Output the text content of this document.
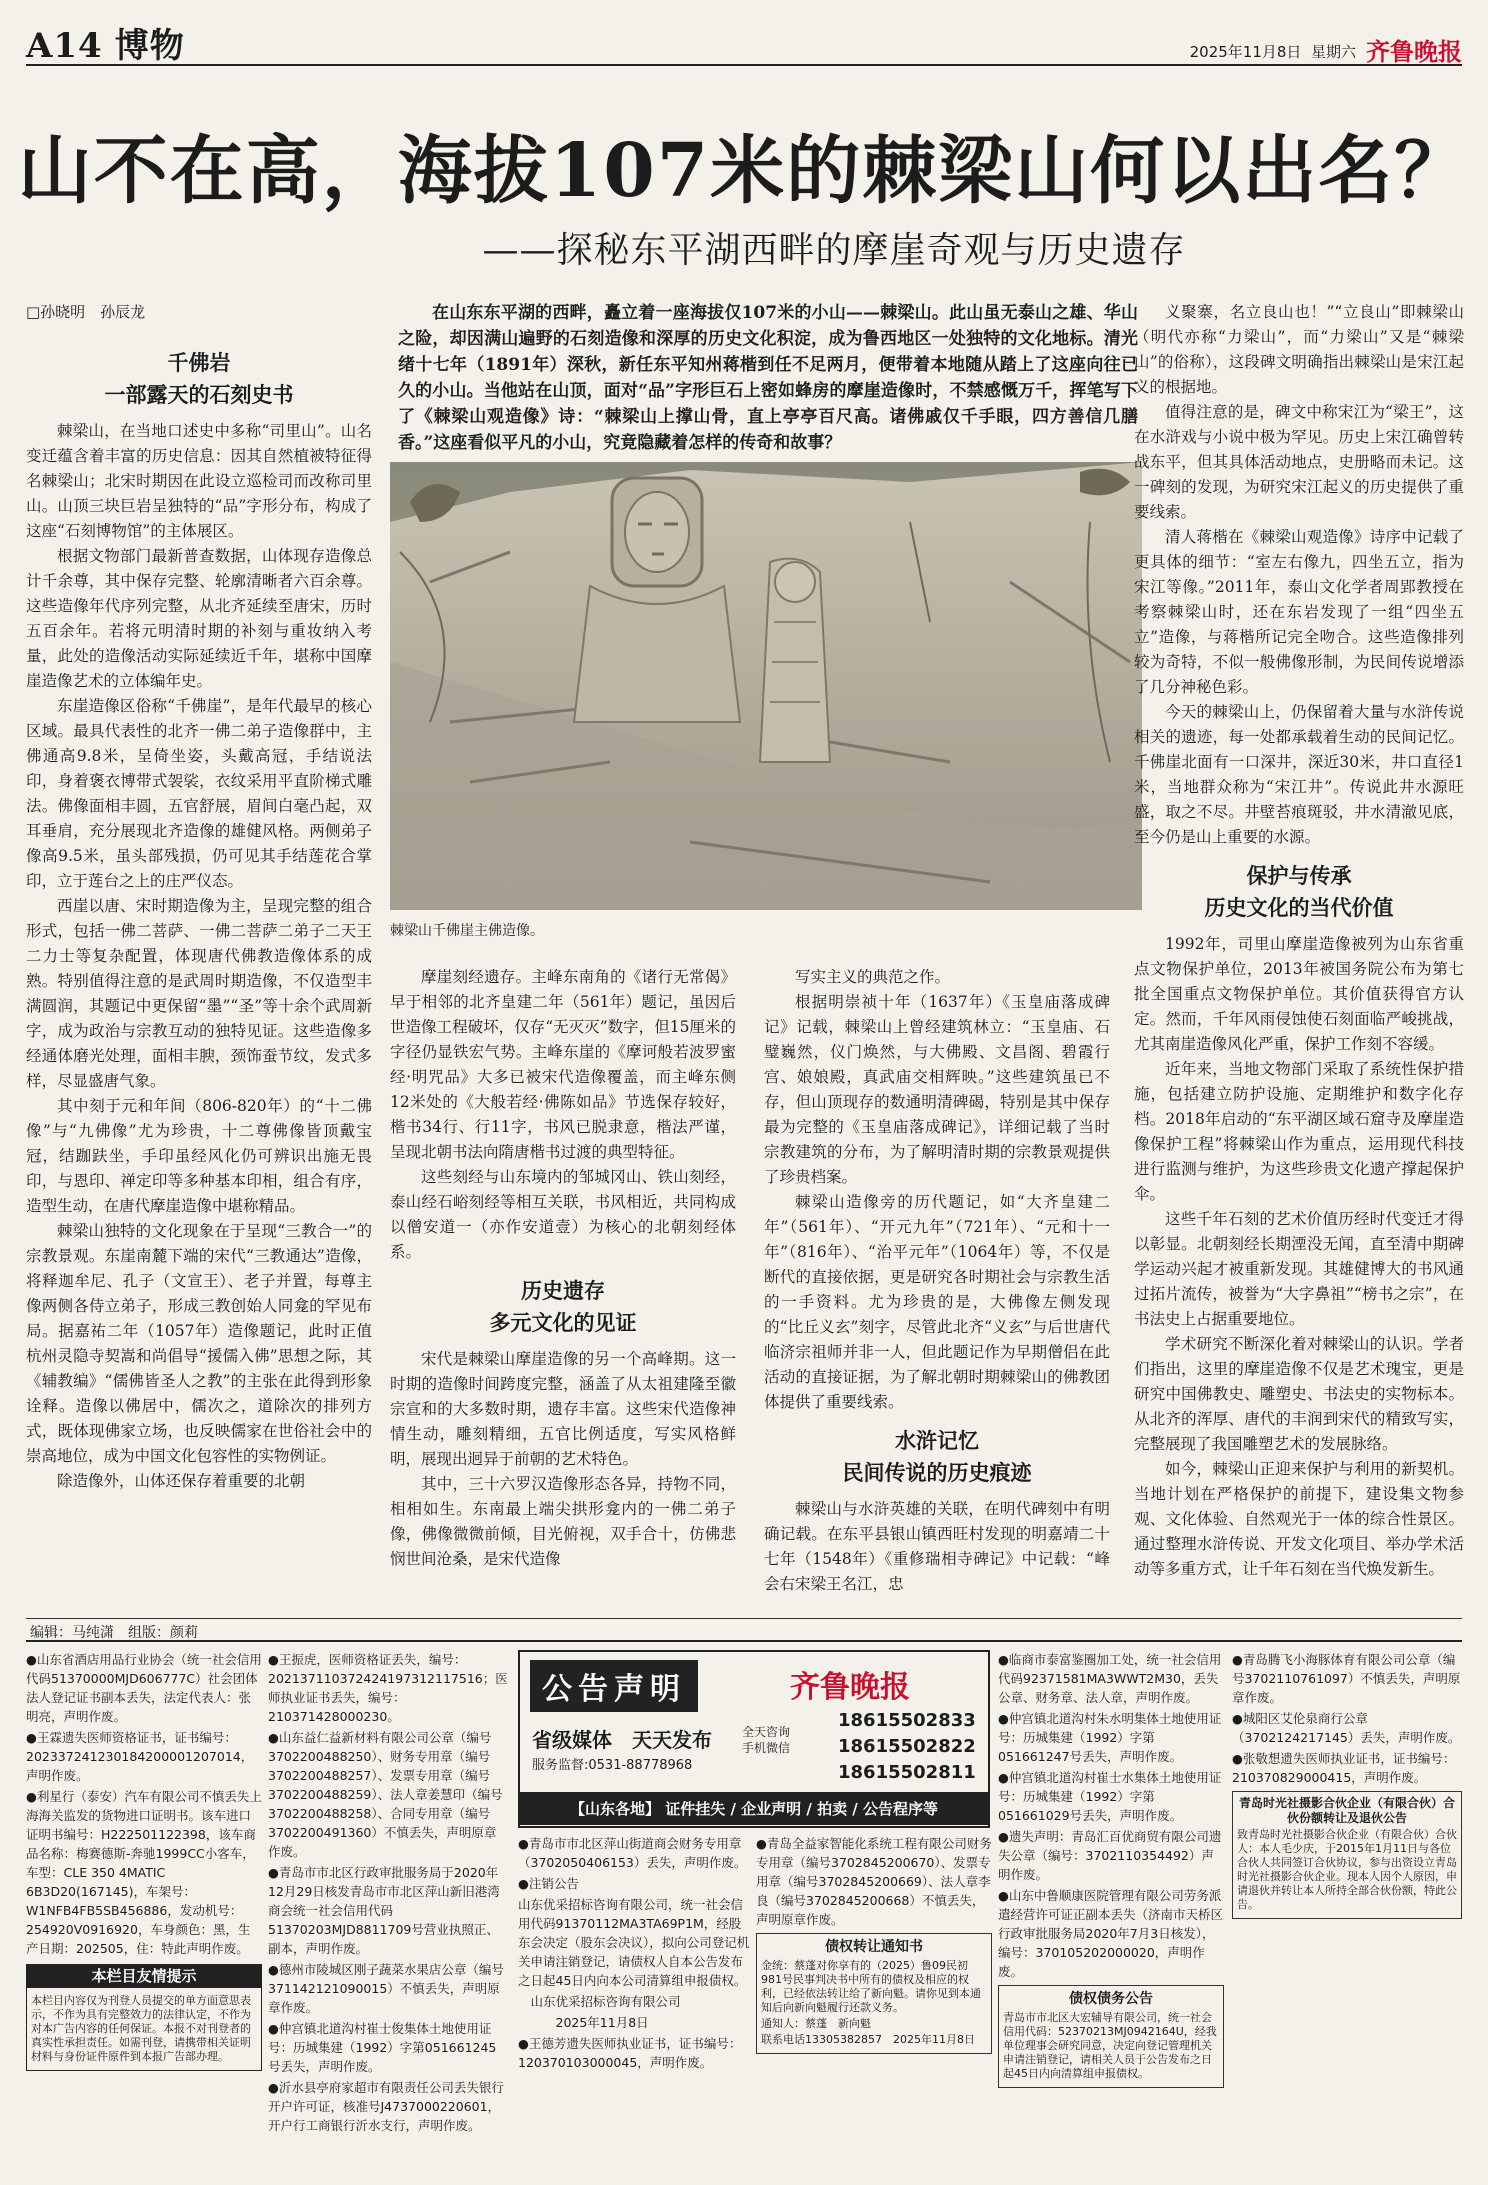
A14 博物	2025年11月8日 星期六 齐鲁晚报
山不在高，海拔107米的棘梁山何以出名？
——探秘东平湖西畔的摩崖奇观与历史遗存
□孙晓明　孙辰龙
千佛岩
一部露天的石刻史书

棘梁山，在当地口述史中多称“司里山”。山名变迁蕴含着丰富的历史信息：因其自然植被特征得名棘梁山；北宋时期因在此设立巡检司而改称司里山。山顶三块巨岩呈独特的“品”字形分布，构成了这座“石刻博物馆”的主体展区。

根据文物部门最新普查数据，山体现存造像总计千余尊，其中保存完整、轮廓清晰者六百余尊。这些造像年代序列完整，从北齐延续至唐宋，历时五百余年。若将元明清时期的补刻与重妆纳入考量，此处的造像活动实际延续近千年，堪称中国摩崖造像艺术的立体编年史。

东崖造像区俗称“千佛崖”，是年代最早的核心区域。最具代表性的北齐一佛二弟子造像群中，主佛通高9.8米，呈倚坐姿，头戴高冠，手结说法印，身着褒衣博带式袈裟，衣纹采用平直阶梯式雕法。佛像面相丰圆，五官舒展，眉间白毫凸起，双耳垂肩，充分展现北齐造像的雄健风格。两侧弟子像高9.5米，虽头部残损，仍可见其手结莲花合掌印，立于莲台之上的庄严仪态。

西崖以唐、宋时期造像为主，呈现完整的组合形式，包括一佛二菩萨、一佛二菩萨二弟子二天王二力士等复杂配置，体现唐代佛教造像体系的成熟。特别值得注意的是武周时期造像，不仅造型丰满圆润，其题记中更保留“墨”“圣”等十余个武周新字，成为政治与宗教互动的独特见证。这些造像多经通体磨光处理，面相丰腴，颈饰蚕节纹，发式多样，尽显盛唐气象。

其中刻于元和年间（806-820年）的“十二佛像”与“九佛像”尤为珍贵，十二尊佛像皆顶戴宝冠，结跏趺坐，手印虽经风化仍可辨识出施无畏印，与恩印、禅定印等多种基本印相，组合有序，造型生动，在唐代摩崖造像中堪称精品。

棘梁山独特的文化现象在于呈现“三教合一”的宗教景观。东崖南麓下端的宋代“三教通达”造像，将释迦牟尼、孔子（文宣王）、老子并置，每尊主像两侧各侍立弟子，形成三教创始人同龛的罕见布局。据嘉祐二年（1057年）造像题记，此时正值杭州灵隐寺契嵩和尚倡导“援儒入佛”思想之际，其《辅教编》“儒佛皆圣人之教”的主张在此得到形象诠释。造像以佛居中，儒次之，道除次的排列方式，既体现佛家立场，也反映儒家在世俗社会中的崇高地位，成为中国文化包容性的实物例证。

除造像外，山体还保存着重要的北朝

在山东东平湖的西畔，矗立着一座海拔仅107米的小山——棘梁山。此山虽无泰山之雄、华山之险，却因满山遍野的石刻造像和深厚的历史文化积淀，成为鲁西地区一处独特的文化地标。清光绪十七年（1891年）深秋，新任东平知州蒋楷到任不足两月，便带着本地随从踏上了这座向往已久的小山。当他站在山顶，面对“品”字形巨石上密如蜂房的摩崖造像时，不禁感慨万千，挥笔写下了《棘梁山观造像》诗：“棘梁山上撑山骨，直上亭亭百尺高。诸佛戚仅千手眼，四方善信几膳香。”这座看似平凡的小山，究竟隐藏着怎样的传奇和故事？
棘梁山千佛崖主佛造像。

摩崖刻经遗存。主峰东南角的《诸行无常偈》早于相邻的北齐皇建二年（561年）题记，虽因后世造像工程破坏，仅存“无灭灭”数字，但15厘米的字径仍显铁宏气势。主峰东崖的《摩诃般若波罗蜜经·明咒品》大多已被宋代造像覆盖，而主峰东侧12米处的《大般若经·佛陈如品》节选保存较好，楷书34行、行11字，书风已脱隶意，楷法严谨，呈现北朝书法向隋唐楷书过渡的典型特征。

这些刻经与山东境内的邹城冈山、铁山刻经，泰山经石峪刻经等相互关联，书风相近，共同构成以僧安道一（亦作安道壹）为核心的北朝刻经体系。

历史遗存
多元文化的见证

宋代是棘梁山摩崖造像的另一个高峰期。这一时期的造像时间跨度完整，涵盖了从太祖建隆至徽宗宣和的大多数时期，遗存丰富。这些宋代造像神情生动，雕刻精细，五官比例适度，写实风格鲜明，展现出迥异于前朝的艺术特色。

其中，三十六罗汉造像形态各异，持物不同，相相如生。东南最上端尖拱形龛内的一佛二弟子像，佛像微微前倾，目光俯视，双手合十，仿佛悲悯世间沧桑，是宋代造像

写实主义的典范之作。

根据明崇祯十年（1637年）《玉皇庙落成碑记》记载，棘梁山上曾经建筑林立：“玉皇庙、石璧巍然，仪门焕然，与大佛殿、文昌阁、碧霞行宫、娘娘殿，真武庙交相辉映。”这些建筑虽已不存，但山顶现存的数通明清碑碣，特别是其中保存最为完整的《玉皇庙落成碑记》，详细记载了当时宗教建筑的分布，为了解明清时期的宗教景观提供了珍贵档案。

棘梁山造像旁的历代题记，如“大齐皇建二年”（561年）、“开元九年”（721年）、“元和十一年”（816年）、“治平元年”（1064年）等，不仅是断代的直接依据，更是研究各时期社会与宗教生活的一手资料。尤为珍贵的是，大佛像左侧发现的“比丘义玄”刻字，尽管此北齐“义玄”与后世唐代临济宗祖师并非一人，但此题记作为早期僧侣在此活动的直接证据，为了解北朝时期棘梁山的佛教团体提供了重要线索。

水浒记忆
民间传说的历史痕迹

棘梁山与水浒英雄的关联，在明代碑刻中有明确记载。在东平县银山镇西旺村发现的明嘉靖二十七年（1548年）《重修瑞相寺碑记》中记载：“峰会右宋梁王名江，忠

义聚寨，名立良山也！”“立良山”即棘梁山（明代亦称“力梁山”，而“力梁山”又是“棘梁山”的俗称），这段碑文明确指出棘梁山是宋江起义的根据地。

值得注意的是，碑文中称宋江为“梁王”，这在水浒戏与小说中极为罕见。历史上宋江确曾转战东平，但其具体活动地点，史册略而未记。这一碑刻的发现，为研究宋江起义的历史提供了重要线索。

清人蒋楷在《棘梁山观造像》诗序中记载了更具体的细节：“室左右像九，四坐五立，指为宋江等像。”2011年，泰山文化学者周郢教授在考察棘梁山时，还在东岩发现了一组“四坐五立”造像，与蒋楷所记完全吻合。这些造像排列较为奇特，不似一般佛像形制，为民间传说增添了几分神秘色彩。

今天的棘梁山上，仍保留着大量与水浒传说相关的遗迹，每一处都承载着生动的民间记忆。千佛崖北面有一口深井，深近30米，井口直径1米，当地群众称为“宋江井”。传说此井水源旺盛，取之不尽。井壁苔痕斑驳，井水清澈见底，至今仍是山上重要的水源。

保护与传承
历史文化的当代价值

1992年，司里山摩崖造像被列为山东省重点文物保护单位，2013年被国务院公布为第七批全国重点文物保护单位。其价值获得官方认定。然而，千年风雨侵蚀使石刻面临严峻挑战，尤其南崖造像风化严重，保护工作刻不容缓。

近年来，当地文物部门采取了系统性保护措施，包括建立防护设施、定期维护和数字化存档。2018年启动的“东平湖区域石窟寺及摩崖造像保护工程”将棘梁山作为重点，运用现代科技进行监测与维护，为这些珍贵文化遗产撑起保护伞。

这些千年石刻的艺术价值历经时代变迁才得以彰显。北朝刻经长期湮没无闻，直至清中期碑学运动兴起才被重新发现。其雄健博大的书风通过拓片流传，被誉为“大字鼻祖”“榜书之宗”，在书法史上占据重要地位。

学术研究不断深化着对棘梁山的认识。学者们指出，这里的摩崖造像不仅是艺术瑰宝，更是研究中国佛教史、雕塑史、书法史的实物标本。从北齐的浑厚、唐代的丰润到宋代的精致写实，完整展现了我国雕塑艺术的发展脉络。

如今，棘梁山正迎来保护与利用的新契机。当地计划在严格保护的前提下，建设集文物参观、文化体验、自然观光于一体的综合性景区。通过整理水浒传说、开发文化项目、举办学术活动等多重方式，让千年石刻在当代焕发新生。

编辑：马纯潇　组版：颜莉
●山东省酒店用品行业协会（统一社会信用代码51370000MJD606777C）社会团体法人登记证书副本丢失，法定代表人：张明亮，声明作废。
●王霖遗失医师资格证书，证书编号：202337241230184200001207014，声明作废。
●利星行（泰安）汽车有限公司不慎丢失上海海关监发的货物进口证明书。该车进口证明书编号：H222501122398，该车商品名称：梅赛德斯-奔驰1999CC小客车，车型：CLE 350 4MATIC 6B3D20(167145)，车架号：W1NFB4FB5SB456886，发动机号：254920V0916920，车身颜色：黑，生产日期：202505，住：特此声明作废。
本栏目友情提示
本栏目内容仅为刊登人员提交的单方面意思表示，不作为具有完整效力的法律认定，不作为对本广告内容的任何保证。本报不对刊登者的真实性承担责任。如需刊登，请携带相关证明材料与身份证件原件到本报广告部办理。
●王振虎，医师资格证丢失，编号：202137110372424197312117516；医师执业证书丢失，编号：210371428000230。
●山东益仁益新材料有限公司公章（编号3702200488250）、财务专用章（编号3702200488257）、发票专用章（编号3702200488259）、法人章姜慧印（编号3702200488258）、合同专用章（编号3702200491360）不慎丢失，声明原章作废。
●青岛市市北区行政审批服务局于2020年12月29日核发青岛市市北区萍山新旧港湾商会统一社会信用代码51370203MJD8811709号营业执照正、副本，声明作废。
●德州市陵城区刚子蔬菜水果店公章（编号371142121090015）不慎丢失，声明原章作废。
●仲宫镇北道沟村崔士俊集体土地使用证号：历城集建（1992）字第051661245号丢失，声明作废。
●沂水县亭府家超市有限责任公司丢失银行开户许可证，核准号J4737000220601，开户行工商银行沂水支行，声明作废。
公告声明	齐鲁晚报
省级媒体　天天发布
服务监督:0531-88778968
全天咨询
手机微信
18615502833
18615502822
18615502811
【山东各地】 证件挂失 / 企业声明 / 拍卖 / 公告程序等
●青岛市市北区萍山街道商会财务专用章（3702050406153）丢失，声明作废。
●注销公告
山东优采招标咨询有限公司，统一社会信用代码91370112MA3TA69P1M，经股东会决定（股东会决议），拟向公司登记机关申请注销登记，请债权人自本公告发布之日起45日内向本公司清算组申报债权。
　山东优采招标咨询有限公司
　　　2025年11月8日
●王德芳遗失医师执业证书，证书编号：120370103000045，声明作废。
●青岛全益家智能化系统工程有限公司财务专用章（编号3702845200670）、发票专用章（编号3702845200669）、法人章李良（编号3702845200668）不慎丢失，声明原章作废。
债权转让通知书
金统：蔡蓬对你享有的（2025）鲁09民初981号民事判决书中所有的债权及相应的权利，已经依法转让给了新向魁。请你见到本通知后向新向魁履行还款义务。
通知人：蔡蓬　新向魁
联系电话13305382857　2025年11月8日
●临商市泰富鉴圈加工处，统一社会信用代码92371581MA3WWT2M30，丢失公章、财务章、法人章，声明作废。
●仲宫镇北道沟村朱水明集体土地使用证号：历城集建（1992）字第051661247号丢失，声明作废。
●仲宫镇北道沟村崔士水集体土地使用证号：历城集建（1992）字第051661029号丢失，声明作废。
●遗失声明：青岛汇百优商贸有限公司遗失公章（编号：3702110354492）声明作废。
●山东中鲁顺康医院管理有限公司劳务派遣经营许可证正副本丢失（济南市天桥区行政审批服务局2020年7月3日核发），编号：370105202000020，声明作废。
债权债务公告
青岛市市北区大宏辅导有限公司，统一社会信用代码：52370213MJ0942164U，经我单位理事会研究同意，决定向登记管理机关申请注销登记，请相关人员于公告发布之日起45日内向清算组申报债权。
●青岛腾飞小海豚体育有限公司公章（编号3702110761097）不慎丢失，声明原章作废。
●城阳区艾伦泉商行公章（3702124217145）丢失，声明作废。
●张敬想遗失医师执业证书，证书编号：210370829000415，声明作废。
青岛时光社摄影合伙企业（有限合伙）合伙份额转让及退伙公告
致青岛时光社摄影合伙企业（有限合伙）合伙人：本人毛少庆，于2015年1月11日与各位合伙人共同签订合伙协议，参与出资设立青岛时光社摄影合伙企业。现本人因个人原因，申请退伙并转让本人所持全部合伙份额，特此公告。
